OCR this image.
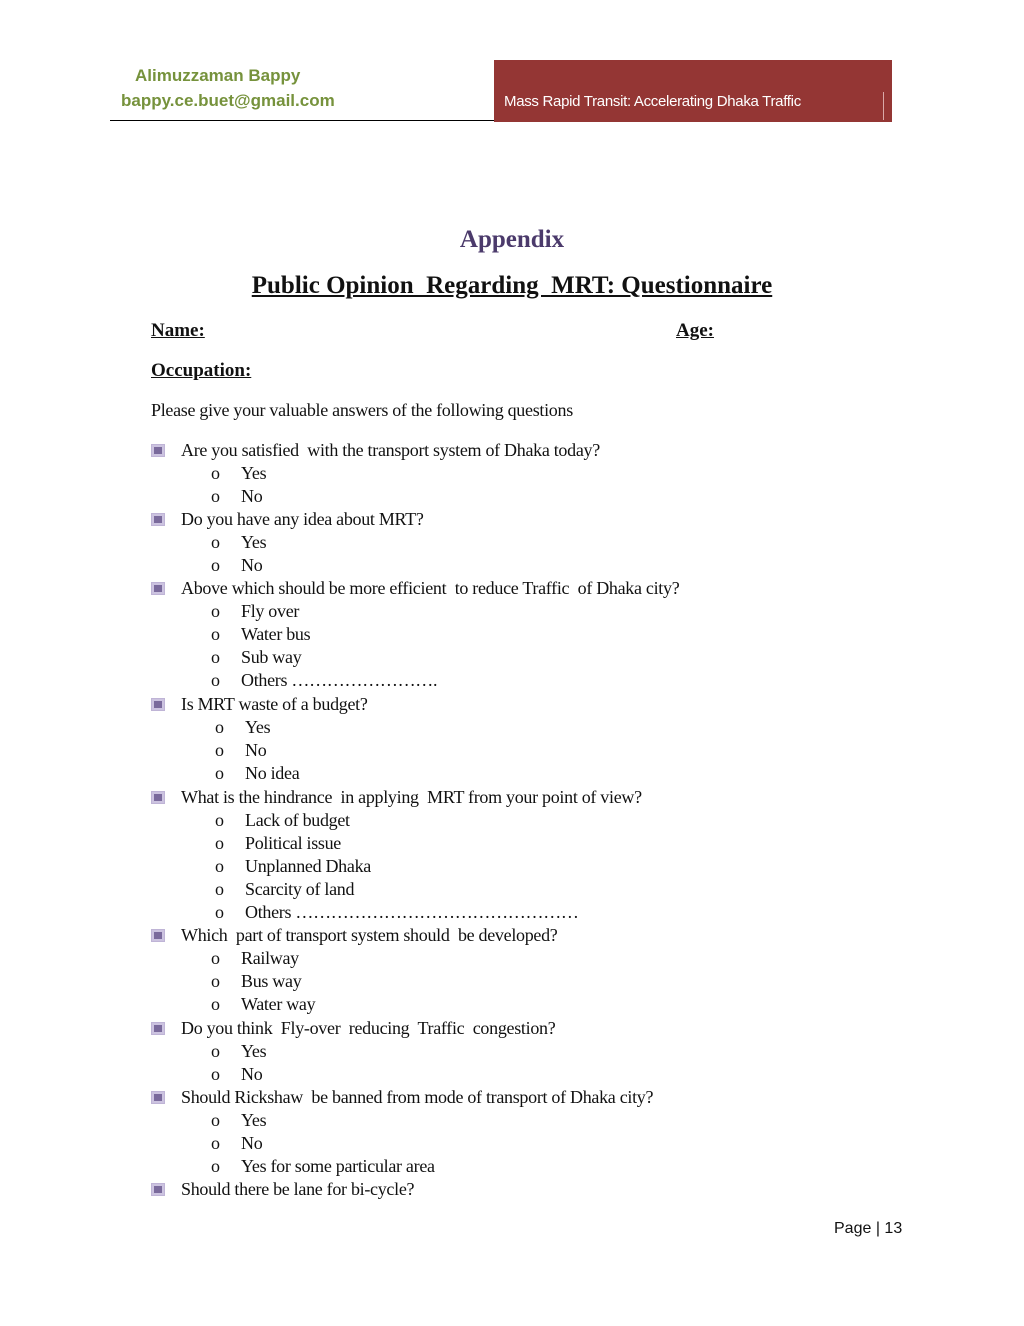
Alimuzzaman Bappy
bappy.ce.buet@gmail.com	Mass Rapid Transit: Accelerating Dhaka Traffic
Appendix
Public Opinion  Regarding  MRT: Questionnaire
Name:	Age:
Occupation:
Please give your valuable answers of the following questions
Are you satisfied  with the transport system of Dhaka today?
o Yes
o No
Do you have any idea about MRT?
o Yes
o No
Above which should be more efficient  to reduce Traffic  of Dhaka city?
o Fly over
o Water bus
o Sub way
o Others …………………….
Is MRT waste of a budget?
o Yes
o No
o No idea
What is the hindrance  in applying  MRT from your point of view?
o Lack of budget
o Political issue
o Unplanned Dhaka
o Scarcity of land
o Others …………………………………………
Which  part of transport system should  be developed?
o Railway
o Bus way
o Water way
Do you think  Fly-over  reducing  Traffic  congestion?
o Yes
o No
Should Rickshaw  be banned from mode of transport of Dhaka city?
o Yes
o No
o Yes for some particular area
Should there be lane for bi-cycle?
Page | 13
